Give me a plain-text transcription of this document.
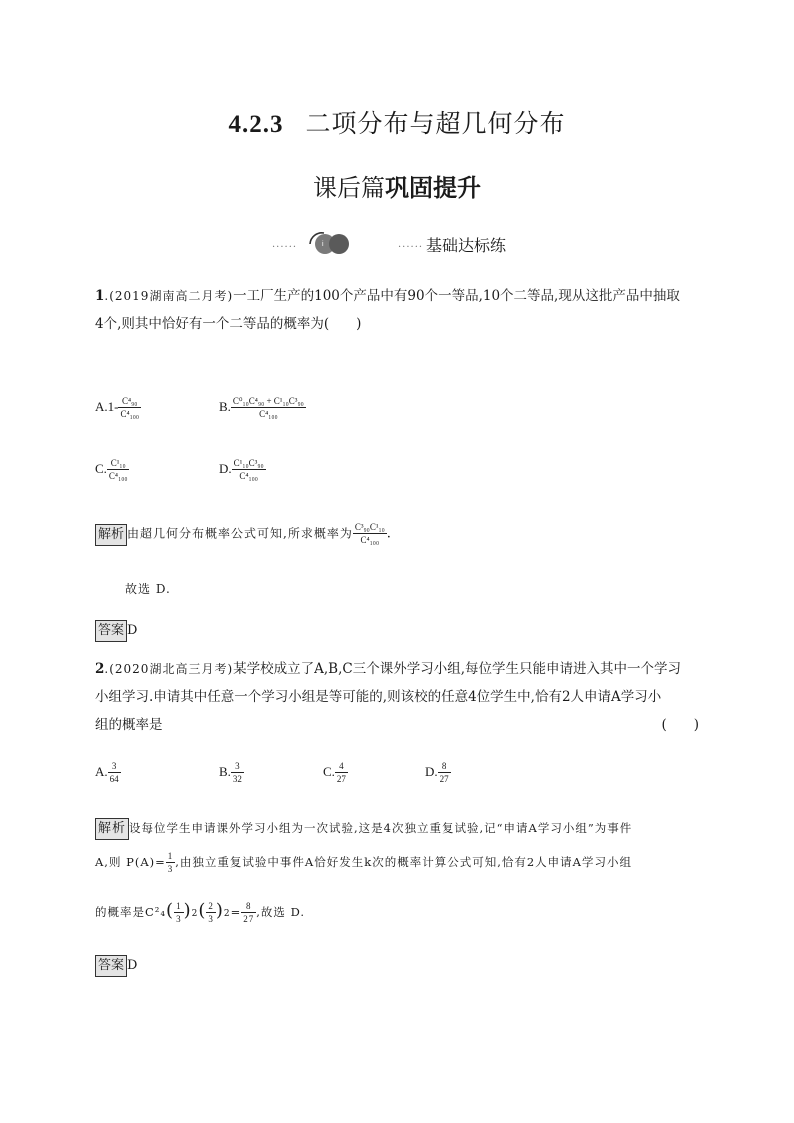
4.2.3 二项分布与超几何分布
课后篇巩固提升
······	i	······ 基础达标练
1.(2019湖南高二月考)一工厂生产的100个产品中有90个一等品,10个二等品,现从这批产品中抽取
4个,则其中恰好有一个二等品的概率为(　　)
$A.1- \frac{\text{C⁴₉₀}}{\text{C⁴₁₀₀}}$	B. $\frac{\text{C⁰₁₀C⁴₉₀ + C¹₁₀C³₉₀}}{\text{C⁴₁₀₀}}$
C. $\frac{\text{C¹₁₀}}{\text{C⁴₁₀₀}}$	D. $\frac{\text{C¹₁₀C³₉₀}}{\text{C⁴₁₀₀}}$
解析 由超几何分布概率公式可知,所求概率为 $\frac{\text{C³₉₀C¹₁₀}}{\text{C⁴₁₀₀}}$ .
故选 D.
答案 D
2.(2020湖北高三月考)某学校成立了A,B,C三个课外学习小组,每位学生只能申请进入其中一个学习
小组学习.申请其中任意一个学习小组是等可能的,则该校的任意4位学生中,恰有2人申请A学习小
组的概率是	(　　)
A. $\frac{3}{64}$	B. $\frac{3}{32}$	C. $\frac{4}{27}$	D. $\frac{8}{27}$
解析 设每位学生申请课外学习小组为一次试验,这是4次独立重复试验,记“申请A学习小组”为事件
A,则 $P(A)= \frac{1}{3}$ ,由独立重复试验中事件A恰好发生k次的概率计算公式可知,恰有2人申请A学习小组
的概率是$C^2_4( \frac{1}{3} )2( \frac{2}{3} )2= \frac{8}{27}$ ,故选 D.
答案 D
